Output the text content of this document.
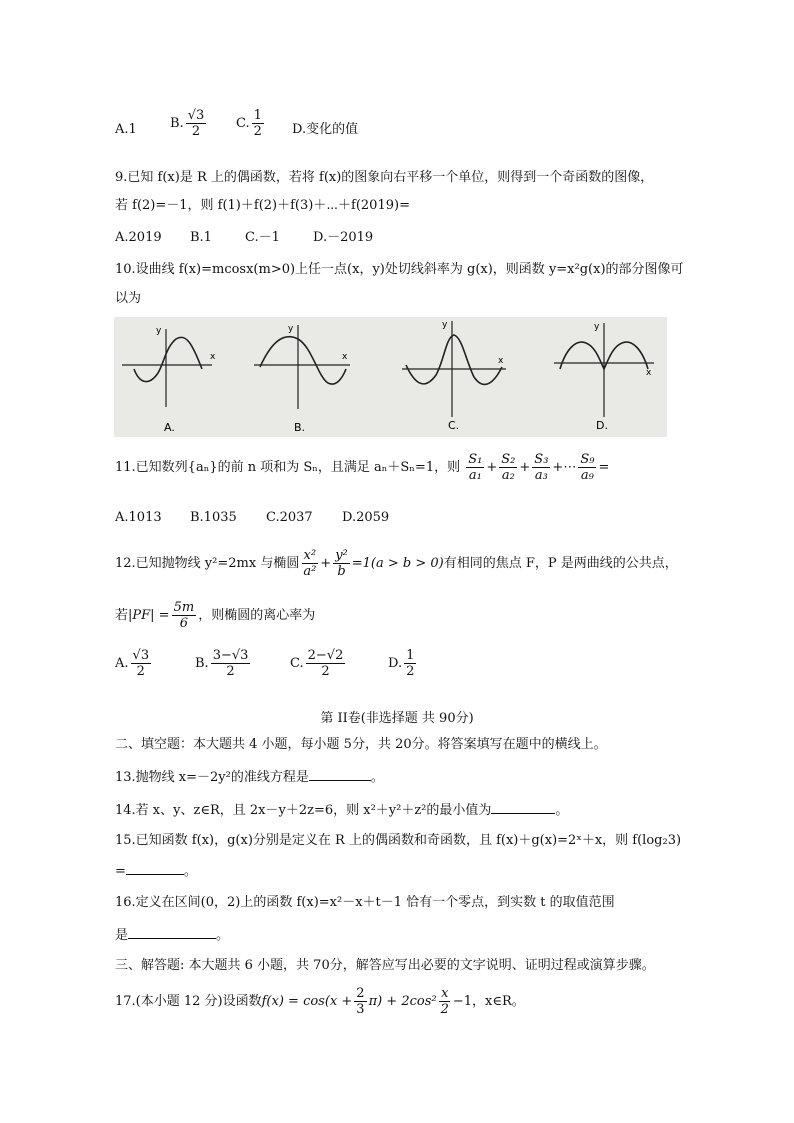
A.1	B. $\frac{√3}{2} C$. $\frac{1}{2} D$.变化的值
9.已知 f(x)是 R 上的偶函数，若将 f(x)的图象向右平移一个单位，则得到一个奇函数的图像，
若 f(2)=－1，则 f(1)＋f(2)＋f(3)＋⋯＋f(2019)=
A.2019 B.1	C.－1	D.－2019
10.设曲线 f(x)=mcosx(m>0)上任一点(x，y)处切线斜率为 g(x)，则函数 y=x²g(x)的部分图像可
以为
x
y
A.
x
y
B.
x
y
C.
x
y
D.
11.已知数列{aₙ}的前 n 项和为 Sₙ，且满足 aₙ＋Sₙ=1，则 $\frac{\text{S₁}}{\text{a₁}} + \frac{\text{S₂}}{\text{a₂}} + \frac{\text{S₃}}{\text{a₃}}$ +⋯ $\frac{\text{S₉}}{\text{a₉}}$ =
A.1013 B.1035 C.2037 D.2059
12.已知抛物线 y²=2mx 与椭圆 $\frac{\text{x²}}{\text{a²}} + \frac{\text{y²}}{b} =1(a > b > 0)$有相同的焦点 F，P 是两曲线的公共点，
若$|PF| = \frac{5m}{6}$ ，则椭圆的离心率为
A. $\frac{√3}{2}$	B. $\frac{3-√3}{2}$	C. $\frac{2-√2}{2}$	D. $\frac{1}{2}$
第 II卷(非选择题 共 90分)
二、填空题：本大题共 4 小题，每小题 5分，共 20分。将答案填写在题中的横线上。
13.抛物线 x=－2y²的准线方程是	。
14.若 x、y、z∈R，且 2x－y＋2z=6，则 x²＋y²＋z²的最小值为	。
15.已知函数 f(x)，g(x)分别是定义在 R 上的偶函数和奇函数，且 f(x)＋g(x)=2ˣ＋x，则 f(log₂3)
=	。
16.定义在区间(0，2)上的函数 f(x)=x²－x＋t－1 恰有一个零点，到实数 t 的取值范围
是	。
三、解答题: 本大题共 6 小题，共 70分，解答应写出必要的文字说明、证明过程或演算步骤。
17.(本小题 12 分)设函数$f(x) = \cos(x + \frac{2}{3} \pi) + 2\cos^2 \frac{x}{2} -1$，x∈R。
